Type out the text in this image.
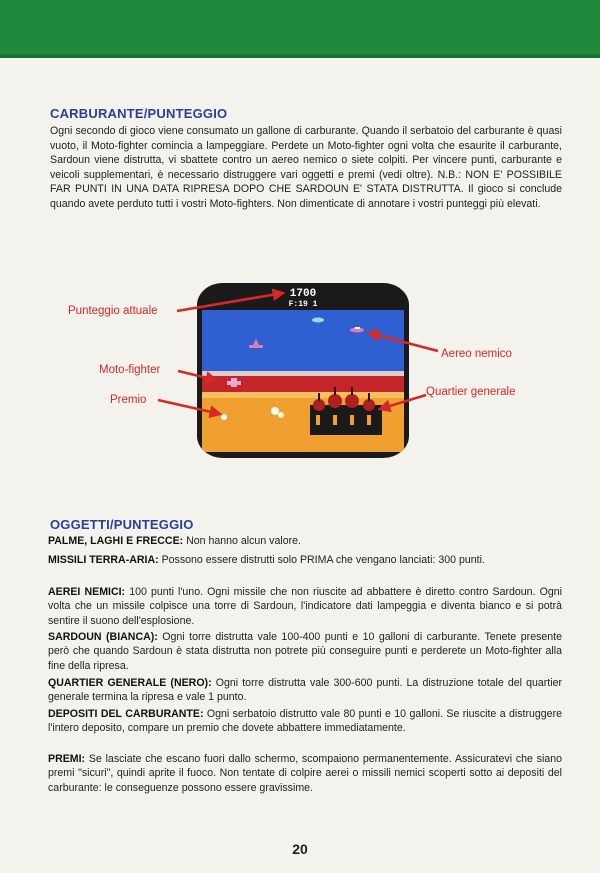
CARBURANTE/PUNTEGGIO

Ogni secondo di gioco viene consumato un gallone di carburante. Quando il serbatoio del carburante è quasi vuoto, il Moto-fighter comincia a lampeggiare. Perdete un Moto-fighter ogni volta che esaurite il carburante, Sardoun viene distrutta, vi sbattete contro un aereo nemico o siete colpiti. Per vincere punti, carburante e veicoli supplementari, è necessario distruggere vari oggetti e premi (vedi oltre). N.B.: NON E' POSSIBILE FAR PUNTI IN UNA DATA RIPRESA DOPO CHE SARDOUN E' STATA DISTRUTTA. Il gioco si conclude quando avete perduto tutti i vostri Moto-fighters. Non dimenticate di annotare i vostri punteggi più elevati.

1700
F:19 1
Punteggio attuale
Moto-fighter
Premio
Aereo nemico
Quartier generale
OGGETTI/PUNTEGGIO

PALME, LAGHI E FRECCE: Non hanno alcun valore.

MISSILI TERRA-ARIA: Possono essere distrutti solo PRIMA che vengano lanciati: 300 punti.

AEREI NEMICI: 100 punti l'uno. Ogni missile che non riuscite ad abbattere è diretto contro Sardoun. Ogni volta che un missile colpisce una torre di Sardoun, l'indicatore dati lampeggia e diventa bianco e si potrà sentire il suono dell'esplosione.

SARDOUN (BIANCA): Ogni torre distrutta vale 100-400 punti e 10 galloni di carburante. Tenete presente però che quando Sardoun è stata distrutta non potrete più conseguire punti e perderete un Moto-fighter alla fine della ripresa.

QUARTIER GENERALE (NERO): Ogni torre distrutta vale 300-600 punti. La distruzione totale del quartier generale termina la ripresa e vale 1 punto.

DEPOSITI DEL CARBURANTE: Ogni serbatoio distrutto vale 80 punti e 10 galloni. Se riuscite a distruggere l'intero deposito, compare un premio che dovete abbattere immediatamente.

PREMI: Se lasciate che escano fuori dallo schermo, scompaiono permanentemente. Assicuratevi che siano premi "sicuri", quindi aprite il fuoco. Non tentate di colpire aerei o missili nemici scoperti sotto ai depositi del carburante: le conseguenze possono essere gravissime.

20
